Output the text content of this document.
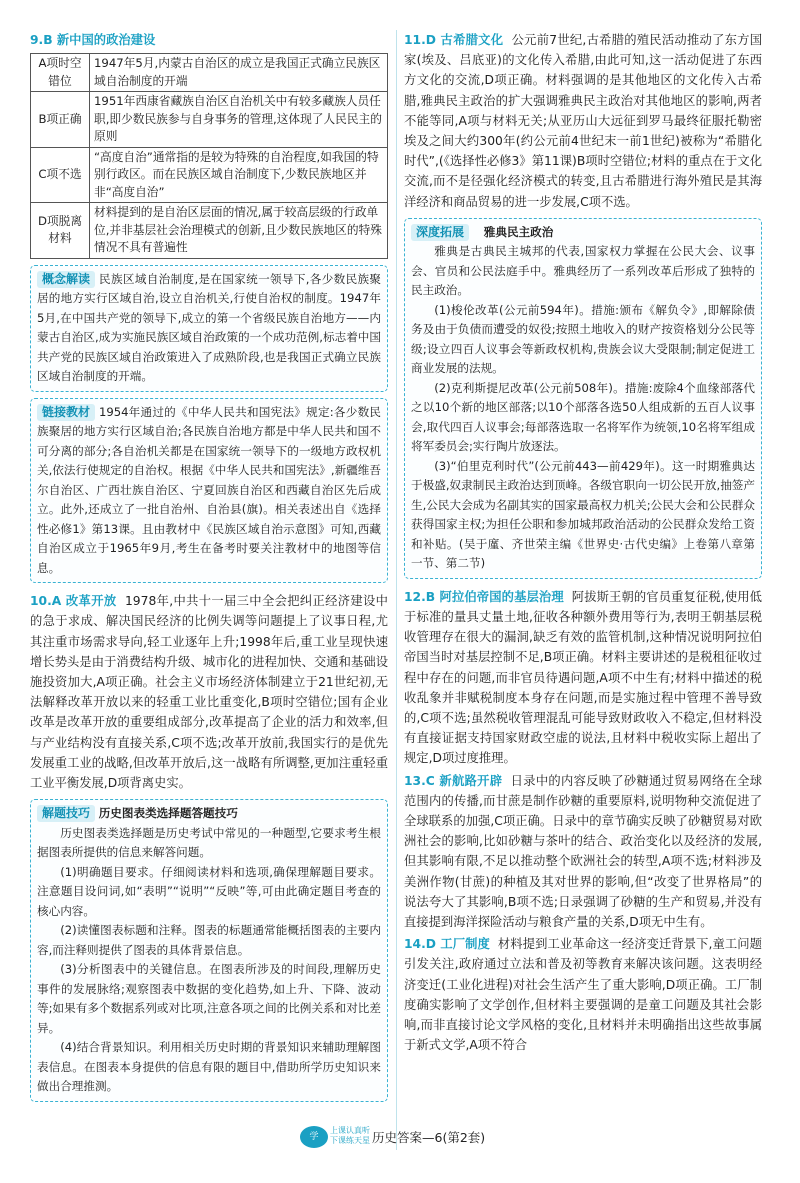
9.B 新中国的政治建设
A项时空错位	1947年5月,内蒙古自治区的成立是我国正式确立民族区域自治制度的开端
B项正确	1951年西康省藏族自治区自治机关中有较多藏族人员任职,即少数民族参与自身事务的管理,这体现了人民民主的原则
C项不选	“高度自治”通常指的是较为特殊的自治程度,如我国的特别行政区。而在民族区域自治制度下,少数民族地区并非“高度自治”
D项脱离材料	材料提到的是自治区层面的情况,属于较高层级的行政单位,并非基层社会治理模式的创新,且少数民族地区的特殊情况不具有普遍性

概念解读 民族区域自治制度,是在国家统一领导下,各少数民族聚居的地方实行区域自治,设立自治机关,行使自治权的制度。1947年5月,在中国共产党的领导下,成立的第一个省级民族自治地方——内蒙古自治区,成为实施民族区域自治政策的一个成功范例,标志着中国共产党的民族区域自治政策进入了成熟阶段,也是我国正式确立民族区域自治制度的开端。

链接教材 1954年通过的《中华人民共和国宪法》规定:各少数民族聚居的地方实行区域自治;各民族自治地方都是中华人民共和国不可分离的部分;各自治机关都是在国家统一领导下的一级地方政权机关,依法行使规定的自治权。根据《中华人民共和国宪法》,新疆维吾尔自治区、广西壮族自治区、宁夏回族自治区和西藏自治区先后成立。此外,还成立了一批自治州、自治县(旗)。相关表述出自《选择性必修1》第13课。且由教材中《民族区域自治示意图》可知,西藏自治区成立于1965年9月,考生在备考时要关注教材中的地图等信息。

10.A 改革开放 1978年,中共十一届三中全会把纠正经济建设中的急于求成、解决国民经济的比例失调等问题提上了议事日程,尤其注重市场需求导向,轻工业逐年上升;1998年后,重工业呈现快速增长势头是由于消费结构升级、城市化的进程加快、交通和基础设施投资加大,A项正确。社会主义市场经济体制建立于21世纪初,无法解释改革开放以来的轻重工业比重变化,B项时空错位;国有企业改革是改革开放的重要组成部分,改革提高了企业的活力和效率,但与产业结构没有直接关系,C项不选;改革开放前,我国实行的是优先发展重工业的战略,但改革开放后,这一战略有所调整,更加注重轻重工业平衡发展,D项背离史实。

解题技巧 历史图表类选择题答题技巧

历史图表类选择题是历史考试中常见的一种题型,它要求考生根据图表所提供的信息来解答问题。

(1)明确题目要求。仔细阅读材料和选项,确保理解题目要求。注意题目设问词,如“表明”“说明”“反映”等,可由此确定题目考查的核心内容。

(2)读懂图表标题和注释。图表的标题通常能概括图表的主要内容,而注释则提供了图表的具体背景信息。

(3)分析图表中的关键信息。在图表所涉及的时间段,理解历史事件的发展脉络;观察图表中数据的变化趋势,如上升、下降、波动等;如果有多个数据系列或对比项,注意各项之间的比例关系和对比差异。

(4)结合背景知识。利用相关历史时期的背景知识来辅助理解图表信息。在图表本身提供的信息有限的题目中,借助所学历史知识来做出合理推测。

11.D 古希腊文化 公元前7世纪,古希腊的殖民活动推动了东方国家(埃及、吕底亚)的文化传入希腊,由此可知,这一活动促进了东西方文化的交流,D项正确。材料强调的是其他地区的文化传入古希腊,雅典民主政治的扩大强调雅典民主政治对其他地区的影响,两者不能等同,A项与材料无关;从亚历山大远征到罗马最终征服托勒密埃及之间大约300年(约公元前4世纪末一前1世纪)被称为“希腊化时代”,(《选择性必修3》第11课)B项时空错位;材料的重点在于文化交流,而不是径强化经济模式的转变,且古希腊进行海外殖民是其海洋经济和商品贸易的进一步发展,C项不选。

深度拓展 雅典民主政治

雅典是古典民主城邦的代表,国家权力掌握在公民大会、议事会、官员和公民法庭手中。雅典经历了一系列改革后形成了独特的民主政治。

(1)梭伦改革(公元前594年)。措施:颁布《解负令》,即解除债务及由于负债而遭受的奴役;按照土地收入的财产按资格划分公民等级;设立四百人议事会等新政权机构,贵族会议大受限制;制定促进工商业发展的法规。

(2)克利斯提尼改革(公元前508年)。措施:废除4个血缘部落代之以10个新的地区部落;以10个部落各选50人组成新的五百人议事会,取代四百人议事会;每部落选取一名将军作为统领,10名将军组成将军委员会;实行陶片放逐法。

(3)“伯里克利时代”(公元前443—前429年)。这一时期雅典达于极盛,奴隶制民主政治达到顶峰。各级官职向一切公民开放,抽签产生,公民大会成为名副其实的国家最高权力机关;公民大会和公民群众获得国家主权;为担任公职和参加城邦政治活动的公民群众发给工资和补贴。(吴于廑、齐世荣主编《世界史·古代史编》上卷第八章第一节、第二节)

12.B 阿拉伯帝国的基层治理 阿拔斯王朝的官员重复征税,使用低于标准的量具丈量土地,征收各种额外费用等行为,表明王朝基层税收管理存在很大的漏洞,缺乏有效的监管机制,这种情况说明阿拉伯帝国当时对基层控制不足,B项正确。材料主要讲述的是税租征收过程中存在的问题,而非官员待遇问题,A项不中生有;材料中描述的税收乱象并非赋税制度本身存在问题,而是实施过程中管理不善导致的,C项不选;虽然税收管理混乱可能导致财政收入不稳定,但材料没有直接证据支持国家财政空虚的说法,且材料中税收实际上超出了规定,D项过度推理。

13.C 新航路开辟 日录中的内容反映了砂糖通过贸易网络在全球范围内的传播,而甘蔗是制作砂糖的重要原料,说明物种交流促进了全球联系的加强,C项正确。日录中的章节确实反映了砂糖贸易对欧洲社会的影响,比如砂糖与茶叶的结合、政治变化以及经济的发展,但其影响有限,不足以推动整个欧洲社会的转型,A项不选;材料涉及美洲作物(甘蔗)的种植及其对世界的影响,但“改变了世界格局”的说法夸大了其影响,B项不选;日录强调了砂糖的生产和贸易,并没有直接提到海洋探险活动与粮食产量的关系,D项无中生有。

14.D 工厂制度 材料提到工业革命这一经济变迁背景下,童工问题引发关注,政府通过立法和普及初等教育来解决该问题。这表明经济变迁(工业化进程)对社会生活产生了重大影响,D项正确。工厂制度确实影响了文学创作,但材料主要强调的是童工问题及其社会影响,而非直接讨论文学风格的变化,且材料并未明确指出这些故事属于新式文学,A项不符合

学
上课认真听
下课练天星 历史答案—6(第2套)
